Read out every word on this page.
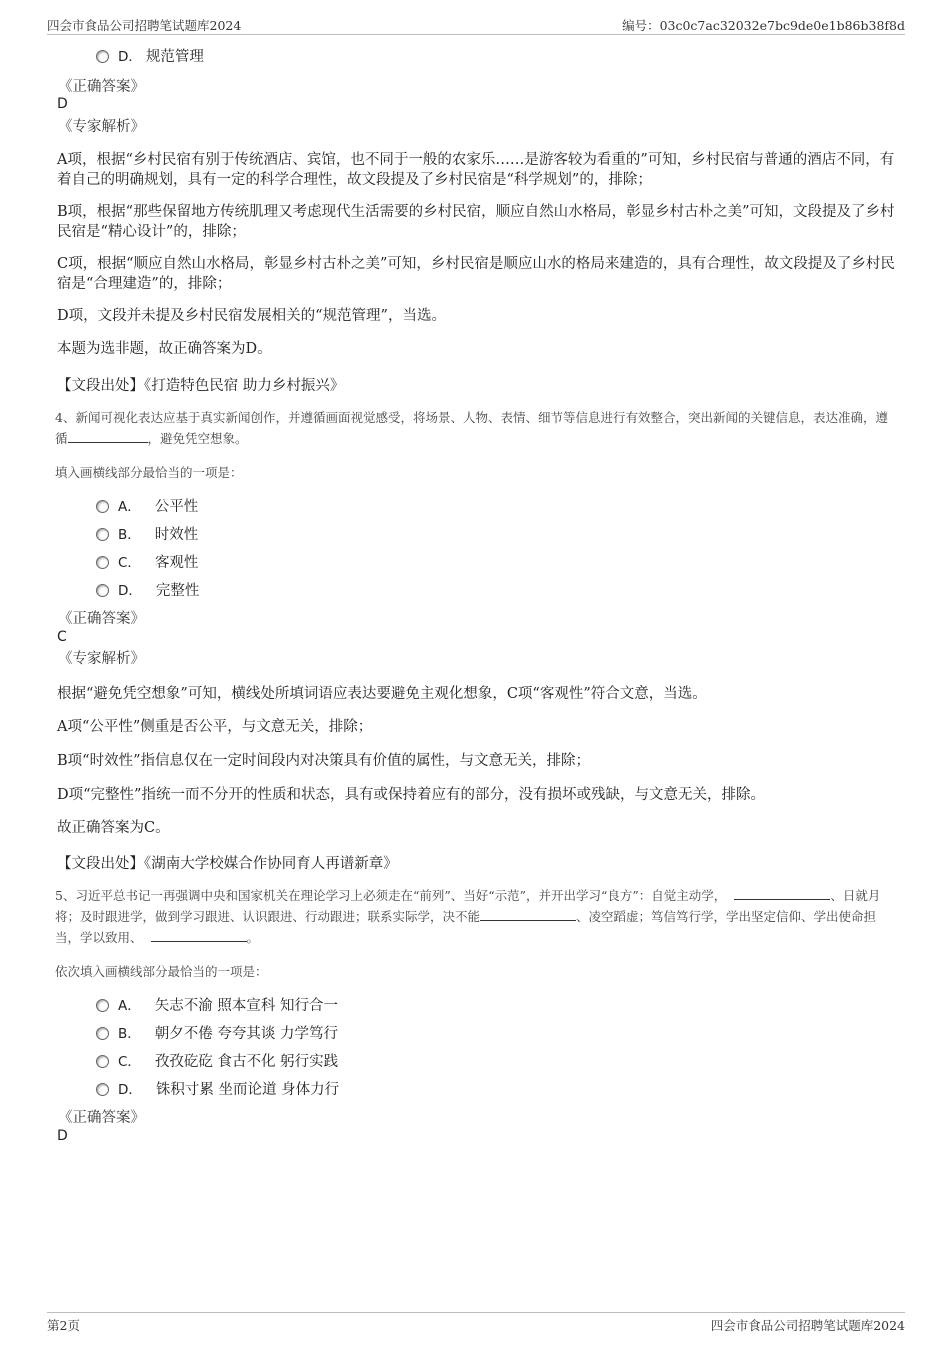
四会市食品公司招聘笔试题库2024	编号：03c0c7ac32032e7bc9de0e1b86b38f8d
D． 规范管理
《正确答案》
D
《专家解析》
A项，根据“乡村民宿有别于传统酒店、宾馆，也不同于一般的农家乐……是游客较为看重的”可知，乡村民宿与普通的酒店不同，有着自己的明确规划，具有一定的科学合理性，故文段提及了乡村民宿是“科学规划”的，排除；
B项，根据“那些保留地方传统肌理又考虑现代生活需要的乡村民宿，顺应自然山水格局，彰显乡村古朴之美”可知，文段提及了乡村民宿是“精心设计”的，排除；
C项，根据“顺应自然山水格局，彰显乡村古朴之美”可知，乡村民宿是顺应山水的格局来建造的，具有合理性，故文段提及了乡村民宿是“合理建造”的，排除；
D项，文段并未提及乡村民宿发展相关的“规范管理”，当选。
本题为选非题，故正确答案为D。
【文段出处】《打造特色民宿 助力乡村振兴》
4、新闻可视化表达应基于真实新闻创作，并遵循画面视觉感受，将场景、人物、表情、细节等信息进行有效整合，突出新闻的关键信息，表达准确，遵循	，避免凭空想象。
填入画横线部分最恰当的一项是：
A． 公平性
B． 时效性
C． 客观性
D． 完整性
《正确答案》
C
《专家解析》
根据“避免凭空想象”可知，横线处所填词语应表达要避免主观化想象，C项“客观性”符合文意，当选。
A项“公平性”侧重是否公平，与文意无关，排除；
B项“时效性”指信息仅在一定时间段内对决策具有价值的属性，与文意无关，排除；
D项“完整性”指统一而不分开的性质和状态，具有或保持着应有的部分，没有损坏或残缺，与文意无关，排除。
故正确答案为C。
【文段出处】《湖南大学校媒合作协同育人再谱新章》
5、习近平总书记一再强调中央和国家机关在理论学习上必须走在“前列”、当好“示范”，并开出学习“良方”：自觉主动学，	、日就月将；及时跟进学，做到学习跟进、认识跟进、行动跟进；联系实际学，决不能	、凌空蹈虚；笃信笃行学，学出坚定信仰、学出使命担当，学以致用、	。
依次填入画横线部分最恰当的一项是：
A． 矢志不渝 照本宣科 知行合一
B． 朝夕不倦 夸夸其谈 力学笃行
C． 孜孜矻矻 食古不化 躬行实践
D． 铢积寸累 坐而论道 身体力行
《正确答案》
D
第2页	四会市食品公司招聘笔试题库2024
